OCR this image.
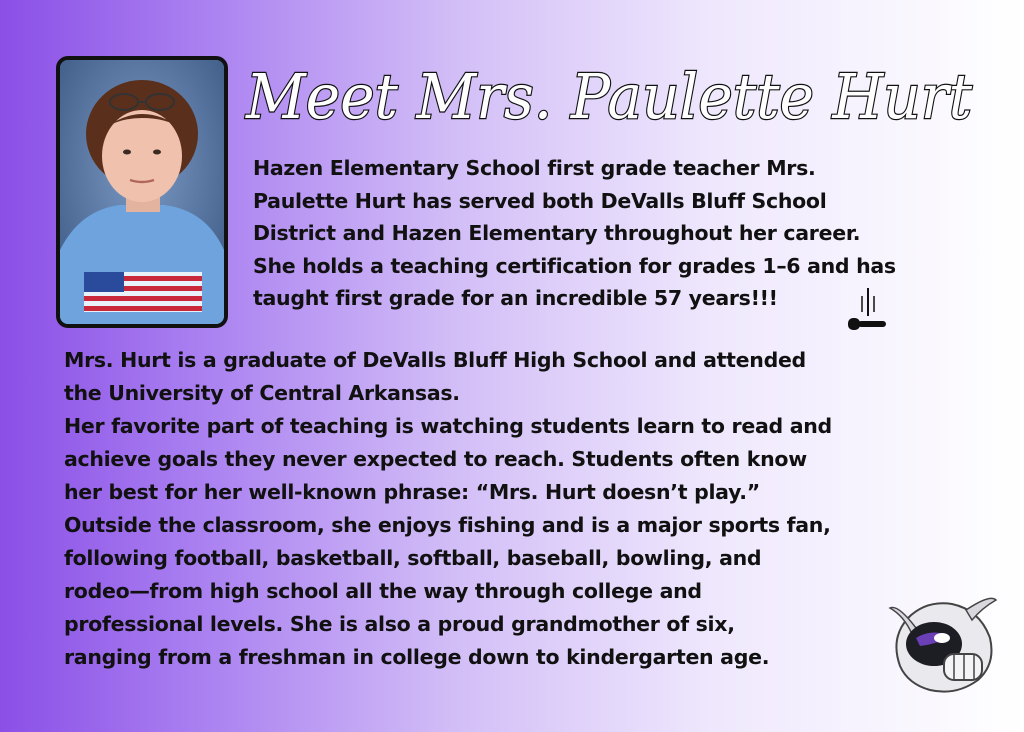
Meet Mrs. Paulette Hurt

Hazen Elementary School first grade teacher Mrs.

Paulette Hurt has served both DeValls Bluff School

District and Hazen Elementary throughout her career.

She holds a teaching certification for grades 1–6 and has

taught first grade for an incredible 57 years!!!

Mrs. Hurt is a graduate of DeValls Bluff High School and attended

the University of Central Arkansas.

Her favorite part of teaching is watching students learn to read and

achieve goals they never expected to reach. Students often know

her best for her well-known phrase: “Mrs. Hurt doesn’t play.”

Outside the classroom, she enjoys fishing and is a major sports fan,

following football, basketball, softball, baseball, bowling, and

rodeo—from high school all the way through college and

professional levels. She is also a proud grandmother of six,

ranging from a freshman in college down to kindergarten age.
